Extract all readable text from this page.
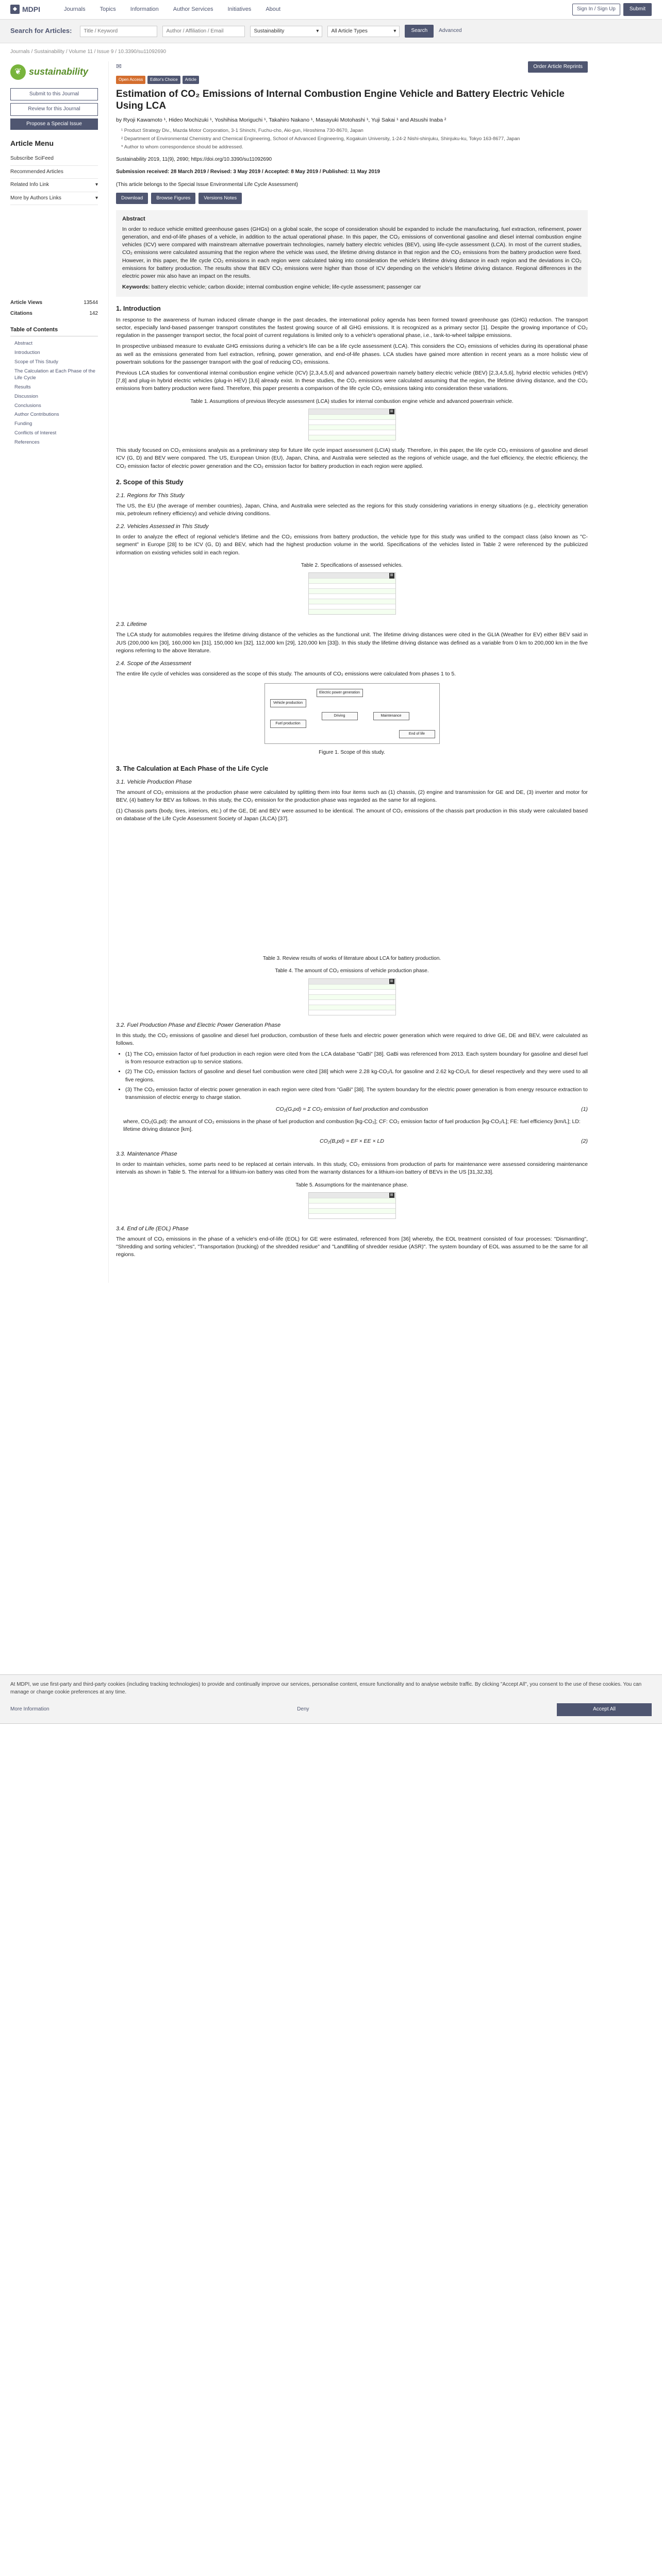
◆ MDPI	Journals	Topics	Information	Author Services	Initiatives	About	Sign In / Sign Up	Submit
Search for Articles:
Title / Keyword
Author / Affiliation / Email	Sustainability	▾ All Article Types	▾	Search	Advanced
Journals / Sustainability / Volume 11 / Issue 9 / 10.3390/su11092690
❦ sustainability
Submit to this Journal
Review for this Journal
Propose a Special Issue
Article Menu
Subscribe SciFeed
Recommended Articles
Related Info Link	▾
More by Authors Links	▾
Article Views	13544
Citations	142
Table of Contents
Abstract
Introduction
Scope of This Study
The Calculation at Each Phase of the Life Cycle
Results
Discussion
Conclusions
Author Contributions
Funding
Conflicts of Interest
References
✉	Order Article Reprints
Open Access	Editor's Choice	Article
Estimation of CO₂ Emissions of Internal Combustion Engine Vehicle and Battery Electric Vehicle Using LCA
by Ryoji Kawamoto ¹, Hideo Mochizuki ¹, Yoshihisa Moriguchi ¹, Takahiro Nakano ¹, Masayuki Motohashi ¹, Yuji Sakai ¹ and Atsushi Inaba ²
¹ Product Strategy Div., Mazda Motor Corporation, 3-1 Shinchi, Fuchu-cho, Aki-gun, Hiroshima 730-8670, Japan
² Department of Environmental Chemistry and Chemical Engineering, School of Advanced Engineering, Kogakuin University, 1-24-2 Nishi-shinjuku, Shinjuku-ku, Tokyo 163-8677, Japan
* Author to whom correspondence should be addressed.
Sustainability 2019, 11(9), 2690; https://doi.org/10.3390/su11092690
Submission received: 28 March 2019 / Revised: 3 May 2019 / Accepted: 8 May 2019 / Published: 11 May 2019
(This article belongs to the Special Issue Environmental Life Cycle Assessment)
Download	Browse Figures	Versions Notes
Abstract

In order to reduce vehicle emitted greenhouse gases (GHGs) on a global scale, the scope of consideration should be expanded to include the manufacturing, fuel extraction, refinement, power generation, and end-of-life phases of a vehicle, in addition to the actual operational phase. In this paper, the CO₂ emissions of conventional gasoline and diesel internal combustion engine vehicles (ICV) were compared with mainstream alternative powertrain technologies, namely battery electric vehicles (BEV), using life-cycle assessment (LCA). In most of the current studies, CO₂ emissions were calculated assuming that the region where the vehicle was used, the lifetime driving distance in that region and the CO₂ emissions from the battery production were fixed. However, in this paper, the life cycle CO₂ emissions in each region were calculated taking into consideration the vehicle's lifetime driving distance in each region and the deviations in CO₂ emissions for battery production. The results show that BEV CO₂ emissions were higher than those of ICV depending on the vehicle's lifetime driving distance. Regional differences in the electric power mix also have an impact on the results.

Keywords: battery electric vehicle; carbon dioxide; internal combustion engine vehicle; life-cycle assessment; passenger car
1. Introduction

In response to the awareness of human induced climate change in the past decades, the international policy agenda has been formed toward greenhouse gas (GHG) reduction. The transport sector, especially land-based passenger transport constitutes the fastest growing source of all GHG emissions. It is recognized as a primary sector [1]. Despite the growing importance of CO₂ regulation in the passenger transport sector, the focal point of current regulations is limited only to a vehicle's operational phase, i.e., tank-to-wheel tailpipe emissions.

In prospective unbiased measure to evaluate GHG emissions during a vehicle's life can be a life cycle assessment (LCA). This considers the CO₂ emissions of vehicles during its operational phase as well as the emissions generated from fuel extraction, refining, power generation, and end-of-life phases. LCA studies have gained more attention in recent years as a more holistic view of powertrain solutions for the passenger transport with the goal of reducing CO₂ emissions.

Previous LCA studies for conventional internal combustion engine vehicle (ICV) [2,3,4,5,6] and advanced powertrain namely battery electric vehicle (BEV) [2,3,4,5,6], hybrid electric vehicles (HEV) [7,8] and plug-in hybrid electric vehicles (plug-in HEV) [3,6] already exist. In these studies, the CO₂ emissions were calculated assuming that the region, the lifetime driving distance, and the CO₂ emissions from battery production were fixed. Therefore, this paper presents a comparison of the life cycle CO₂ emissions taking into consideration these variations.

Table 1. Assumptions of previous lifecycle assessment (LCA) studies for internal combustion engine vehicle and advanced powertrain vehicle.
⊞

This study focused on CO₂ emissions analysis as a preliminary step for future life cycle impact assessment (LCIA) study. Therefore, in this paper, the life cycle CO₂ emissions of gasoline and diesel ICV (G, D) and BEV were compared. The US, European Union (EU), Japan, China, and Australia were selected as the regions of vehicle usage, and the fuel efficiency, the electric efficiency, the CO₂ emission factor of electric power generation and the CO₂ emission factor for battery production in each region were applied.

2. Scope of this Study
2.1. Regions for This Study

The US, the EU (the average of member countries), Japan, China, and Australia were selected as the regions for this study considering variations in energy situations (e.g., electricity generation mix, petroleum refinery efficiency) and vehicle driving conditions.

2.2. Vehicles Assessed in This Study

In order to analyze the effect of regional vehicle's lifetime and the CO₂ emissions from battery production, the vehicle type for this study was unified to the compact class (also known as "C-segment" in Europe [28] to be ICV (G, D) and BEV, which had the highest production volume in the world. Specifications of the vehicles listed in Table 2 were referenced by the publicized information on existing vehicles sold in each region.

Table 2. Specifications of assessed vehicles.
⊞
2.3. Lifetime

The LCA study for automobiles requires the lifetime driving distance of the vehicles as the functional unit. The lifetime driving distances were cited in the GLIA (Weather for EV) either BEV said in JUS (200,000 km [30], 160,000 km [31], 150,000 km [32], 112,000 km [29], 120,000 km [33]). In this study the lifetime driving distance was defined as a variable from 0 km to 200,000 km in the five regions referring to the above literature.

2.4. Scope of the Assessment

The entire life cycle of vehicles was considered as the scope of this study. The amounts of CO₂ emissions were calculated from phases 1 to 5.

Vehicle production
Fuel production
Electric power generation
Driving	Maintenance
End of life
Figure 1. Scope of this study.
3. The Calculation at Each Phase of the Life Cycle
3.1. Vehicle Production Phase

The amount of CO₂ emissions at the production phase were calculated by splitting them into four items such as (1) chassis, (2) engine and transmission for GE and DE, (3) inverter and motor for BEV, (4) battery for BEV as follows. In this study, the CO₂ emission for the production phase was regarded as the same for all regions.

(1) Chassis parts (body, tires, interiors, etc.) of the GE, DE and BEV were assumed to be identical. The amount of CO₂ emissions of the chassis part production in this study were calculated based on database of the Life Cycle Assessment Society of Japan (JLCA) [37].

Table 3. Review results of works of literature about LCA for battery production.
Table 4. The amount of CO₂ emissions of vehicle production phase.
⊞
3.2. Fuel Production Phase and Electric Power Generation Phase

In this study, the CO₂ emissions of gasoline and diesel fuel production, combustion of these fuels and electric power generation which were required to drive GE, DE and BEV, were calculated as follows.

• (1) The CO₂ emission factor of fuel production in each region were cited from the LCA database "GaBi" [38]. GaBi was referenced from 2013. Each system boundary for gasoline and diesel fuel is from resource extraction up to service stations.
• (2) The CO₂ emission factors of gasoline and diesel fuel combustion were cited [38] which were 2.28 kg-CO₂/L for gasoline and 2.62 kg-CO₂/L for diesel respectively and they were used to all five regions.
• (3) The CO₂ emission factor of electric power generation in each region were cited from "GaBi" [38]. The system boundary for the electric power generation is from energy resource extraction to transmission of electric energy to charge station.
CO₂(G,pd) = Σ CO₂ emission of fuel production and combustion	(1)
where, CO₂(G,pd): the amount of CO₂ emissions in the phase of fuel production and combustion [kg-CO₂]; CF: CO₂ emission factor of fuel production [kg-CO₂/L]; FE: fuel efficiency [km/L]; LD: lifetime driving distance [km].
CO₂(B,pd) = EF × EE × LD	(2)
3.3. Maintenance Phase

In order to maintain vehicles, some parts need to be replaced at certain intervals. In this study, CO₂ emissions from production of parts for maintenance were assessed considering maintenance intervals as shown in Table 5. The interval for a lithium-ion battery was cited from the warranty distances for a lithium-ion battery of BEVs in the US [31,32,33].

Table 5. Assumptions for the maintenance phase.
⊞
3.4. End of Life (EOL) Phase

The amount of CO₂ emissions in the phase of a vehicle's end-of-life (EOL) for GE were estimated, referenced from [36] whereby, the EOL treatment consisted of four processes: "Dismantling", "Shredding and sorting vehicles", "Transportation (trucking) of the shredded residue" and "Landfilling of shredder residue (ASR)". The system boundary of EOL was assumed to be the same for all regions.

At MDPI, we use first-party and third-party cookies (including tracking technologies) to provide and continually improve our services, personalise content, ensure functionality and to analyse website traffic. By clicking "Accept All", you consent to the use of these cookies. You can manage or change cookie preferences at any time.
More Information	Deny	Accept All
